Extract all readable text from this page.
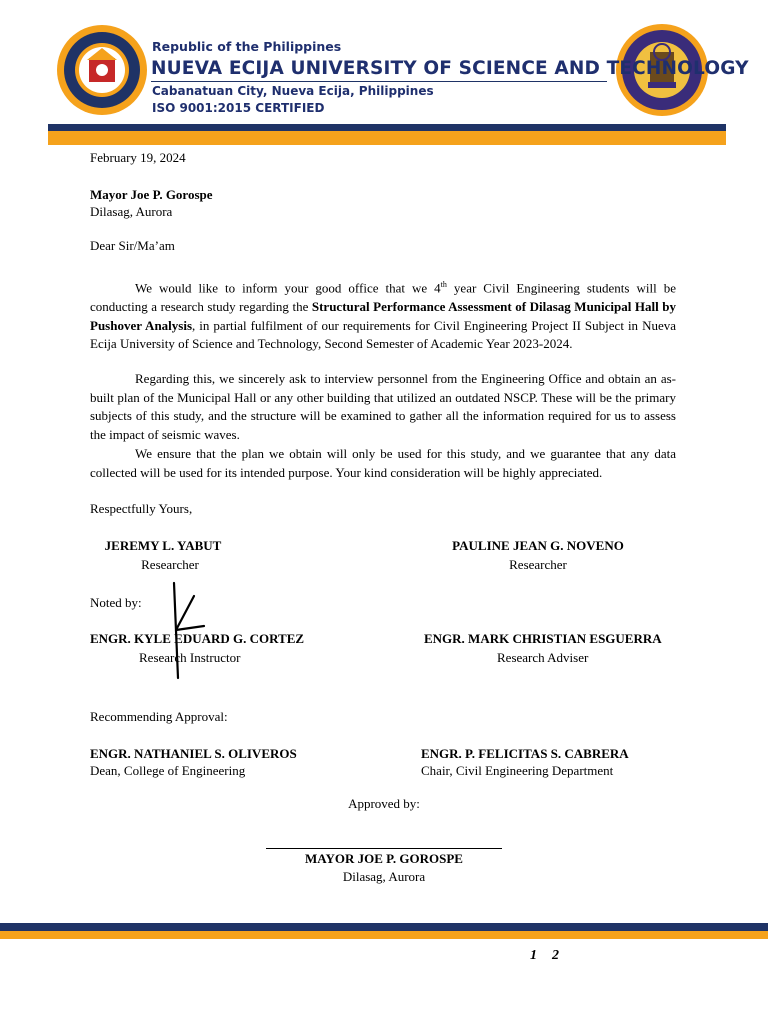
Republic of the Philippines
NUEVA ECIJA UNIVERSITY OF SCIENCE AND TECHNOLOGY
Cabanatuan City, Nueva Ecija, Philippines
ISO 9001:2015 CERTIFIED
February 19, 2024
Mayor Joe P. Gorospe
Dilasag, Aurora
Dear Sir/Ma’am
We would like to inform your good office that we 4th year Civil Engineering students will be conducting a research study regarding the Structural Performance Assessment of Dilasag Municipal Hall by Pushover Analysis, in partial fulfilment of our requirements for Civil Engineering Project II Subject in Nueva Ecija University of Science and Technology, Second Semester of Academic Year 2023-2024.
Regarding this, we sincerely ask to interview personnel from the Engineering Office and obtain an as-built plan of the Municipal Hall or any other building that utilized an outdated NSCP. These will be the primary subjects of this study, and the structure will be examined to gather all the information required for us to assess the impact of seismic waves.
We ensure that the plan we obtain will only be used for this study, and we guarantee that any data collected will be used for its intended purpose. Your kind consideration will be highly appreciated.
Respectfully Yours,
JEREMY L. YABUT
Researcher
PAULINE JEAN G. NOVENO
Researcher
Noted by:
ENGR. KYLE EDUARD G. CORTEZ
Research Instructor
ENGR. MARK CHRISTIAN ESGUERRA
Research Adviser
Recommending Approval:
ENGR. NATHANIEL S. OLIVEROS
Dean, College of Engineering
ENGR. P. FELICITAS S. CABRERA
Chair, Civil Engineering Department
Approved by:
MAYOR JOE P. GOROSPE
Dilasag, Aurora
1 2
